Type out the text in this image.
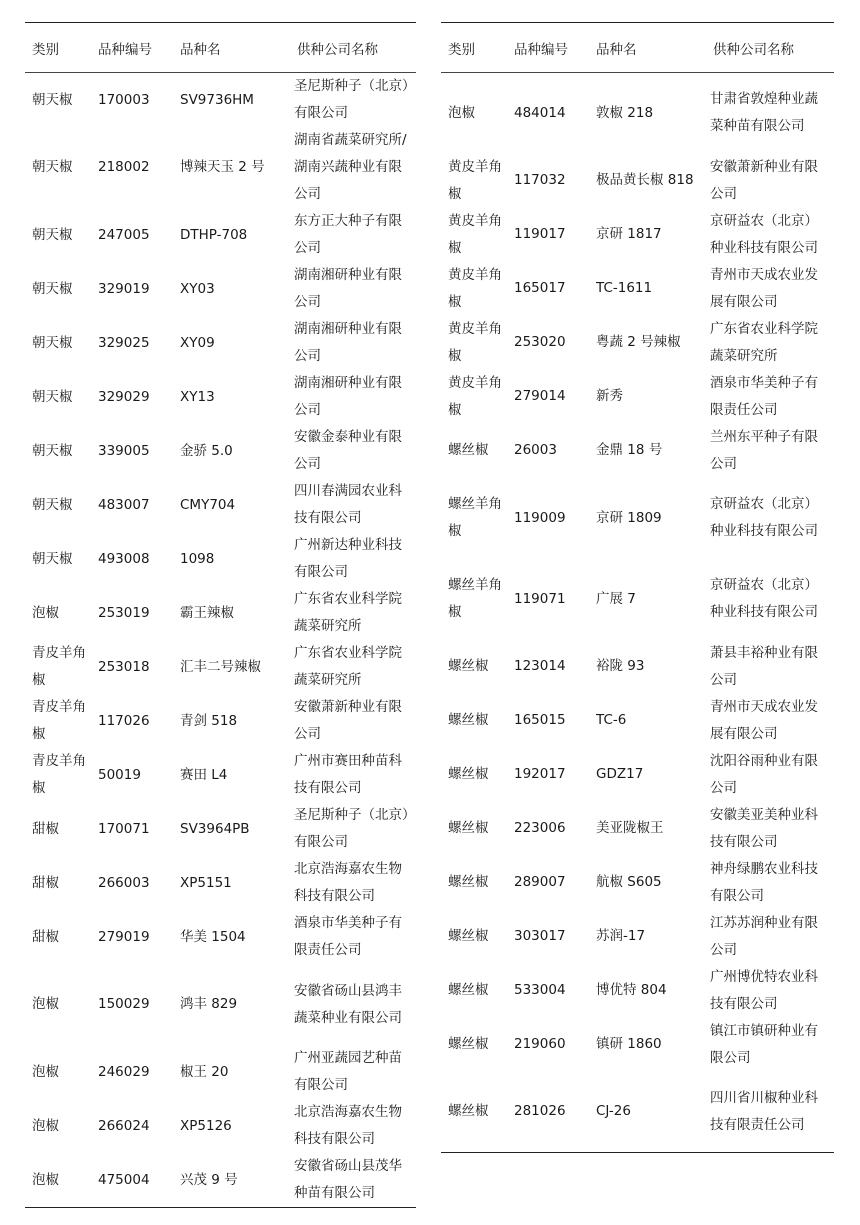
类别	品种编号	品种名	供种公司名称
朝天椒	170003	SV9736HM	圣尼斯种子（北京）有限公司
朝天椒	218002	博辣天玉 2 号	湖南省蔬菜研究所/湖南兴蔬种业有限公司
朝天椒	247005	DTHP-708	东方正大种子有限公司
朝天椒	329019	XY03	湖南湘研种业有限公司
朝天椒	329025	XY09	湖南湘研种业有限公司
朝天椒	329029	XY13	湖南湘研种业有限公司
朝天椒	339005	金骄 5.0	安徽金泰种业有限公司
朝天椒	483007	CMY704	四川春满园农业科技有限公司
朝天椒	493008	1098	广州新达种业科技有限公司
泡椒	253019	霸王辣椒	广东省农业科学院蔬菜研究所
青皮羊角椒	253018	汇丰二号辣椒	广东省农业科学院蔬菜研究所
青皮羊角椒	117026	青剑 518	安徽萧新种业有限公司
青皮羊角椒	50019	赛田 L4	广州市赛田种苗科技有限公司
甜椒	170071	SV3964PB	圣尼斯种子（北京）有限公司
甜椒	266003	XP5151	北京浩海嘉农生物科技有限公司
甜椒	279019	华美 1504	酒泉市华美种子有限责任公司
泡椒	150029	鸿丰 829	安徽省砀山县鸿丰蔬菜种业有限公司
泡椒	246029	椒王 20	广州亚蔬园艺种苗有限公司
泡椒	266024	XP5126	北京浩海嘉农生物科技有限公司
泡椒	475004	兴茂 9 号	安徽省砀山县茂华种苗有限公司
类别	品种编号	品种名	供种公司名称
泡椒	484014	敦椒 218	甘肃省敦煌种业蔬菜种苗有限公司
黄皮羊角椒	117032	极品黄长椒 818	安徽萧新种业有限公司
黄皮羊角椒	119017	京研 1817	京研益农（北京）种业科技有限公司
黄皮羊角椒	165017	TC-1611	青州市天成农业发展有限公司
黄皮羊角椒	253020	粤蔬 2 号辣椒	广东省农业科学院蔬菜研究所
黄皮羊角椒	279014	新秀	酒泉市华美种子有限责任公司
螺丝椒	26003	金鼎 18 号	兰州东平种子有限公司
螺丝羊角椒	119009	京研 1809	京研益农（北京）种业科技有限公司
螺丝羊角椒	119071	广展 7	京研益农（北京）种业科技有限公司
螺丝椒	123014	裕陇 93	萧县丰裕种业有限公司
螺丝椒	165015	TC-6	青州市天成农业发展有限公司
螺丝椒	192017	GDZ17	沈阳谷雨种业有限公司
螺丝椒	223006	美亚陇椒王	安徽美亚美种业科技有限公司
螺丝椒	289007	航椒 S605	神舟绿鹏农业科技有限公司
螺丝椒	303017	苏润-17	江苏苏润种业有限公司
螺丝椒	533004	博优特 804	广州博优特农业科技有限公司
螺丝椒	219060	镇研 1860	镇江市镇研种业有限公司
螺丝椒	281026	CJ-26	四川省川椒种业科技有限责任公司
